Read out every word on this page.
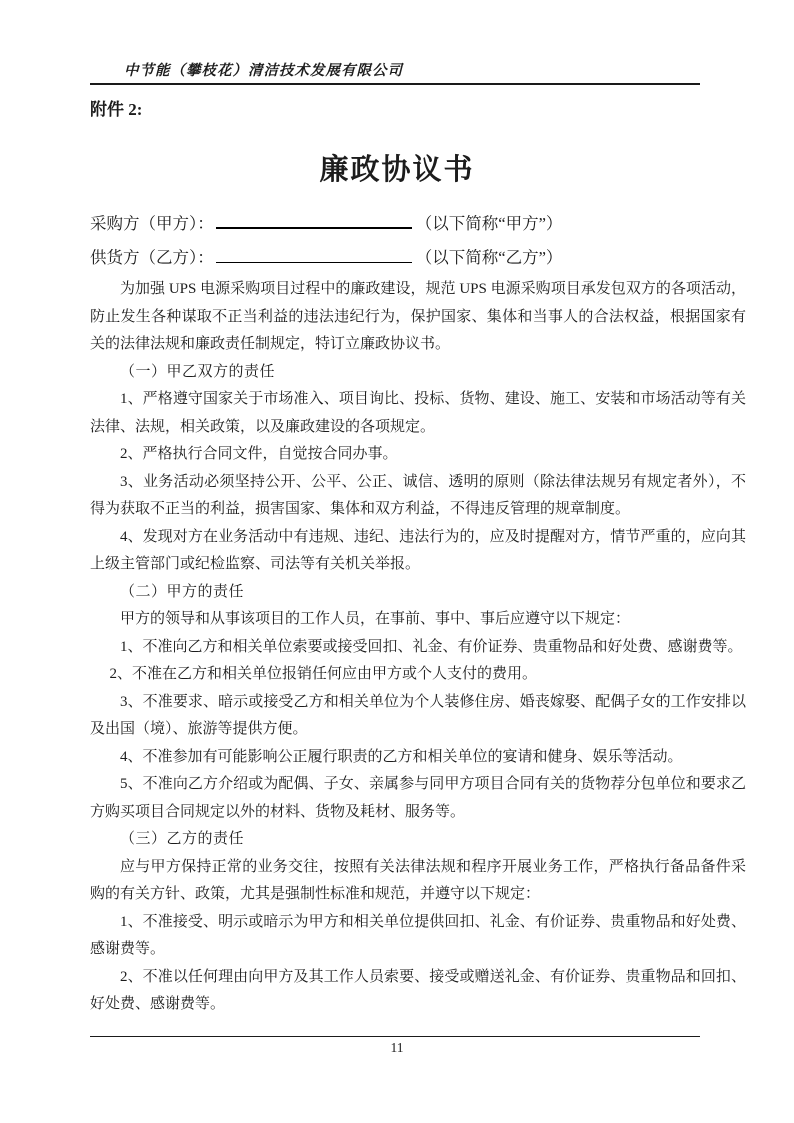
中节能（攀枝花）清洁技术发展有限公司
附件 2:
廉政协议书
采购方（甲方）：	（以下简称“甲方”）
供货方（乙方）：	（以下简称“乙方”）

为加强 UPS 电源采购项目过程中的廉政建设，规范 UPS 电源采购项目承发包双方的各项活动，防止发生各种谋取不正当利益的违法违纪行为，保护国家、集体和当事人的合法权益，根据国家有关的法律法规和廉政责任制规定，特订立廉政协议书。

（一）甲乙双方的责任

1、严格遵守国家关于市场准入、项目询比、投标、货物、建设、施工、安装和市场活动等有关法律、法规，相关政策，以及廉政建设的各项规定。

2、严格执行合同文件，自觉按合同办事。

3、业务活动必须坚持公开、公平、公正、诚信、透明的原则（除法律法规另有规定者外），不得为获取不正当的利益，损害国家、集体和双方利益，不得违反管理的规章制度。

4、发现对方在业务活动中有违规、违纪、违法行为的，应及时提醒对方，情节严重的，应向其上级主管部门或纪检监察、司法等有关机关举报。

（二）甲方的责任

甲方的领导和从事该项目的工作人员，在事前、事中、事后应遵守以下规定：

1、不准向乙方和相关单位索要或接受回扣、礼金、有价证券、贵重物品和好处费、感谢费等。

2、不准在乙方和相关单位报销任何应由甲方或个人支付的费用。

3、不准要求、暗示或接受乙方和相关单位为个人装修住房、婚丧嫁娶、配偶子女的工作安排以及出国（境）、旅游等提供方便。

4、不准参加有可能影响公正履行职责的乙方和相关单位的宴请和健身、娱乐等活动。

5、不准向乙方介绍或为配偶、子女、亲属参与同甲方项目合同有关的货物荐分包单位和要求乙方购买项目合同规定以外的材料、货物及耗材、服务等。

（三）乙方的责任

应与甲方保持正常的业务交往，按照有关法律法规和程序开展业务工作，严格执行备品备件采购的有关方针、政策，尤其是强制性标准和规范，并遵守以下规定：

1、不准接受、明示或暗示为甲方和相关单位提供回扣、礼金、有价证券、贵重物品和好处费、感谢费等。

2、不准以任何理由向甲方及其工作人员索要、接受或赠送礼金、有价证券、贵重物品和回扣、好处费、感谢费等。

11
